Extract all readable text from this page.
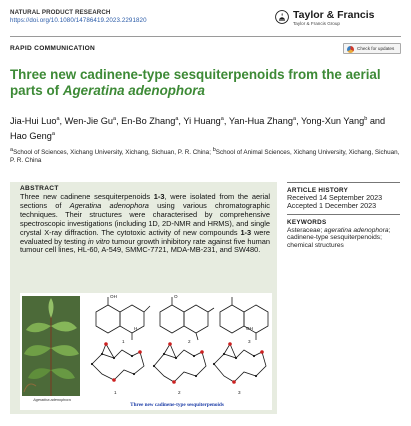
NATURAL PRODUCT RESEARCH
https://doi.org/10.1080/14786419.2023.2291820	Taylor & Francis
Taylor & Francis Group
RAPID COMMUNICATION	Check for updates
Three new cadinene-type sesquiterpenoids from the aerial parts of Ageratina adenophora
Jia-Hui Luo$^a$, Wen-Jie Gu$^a$, En-Bo Zhang$^a$, Yi Huang$^a$, Yan-Hua Zhang$^a$, Yong-Xun Yang$^b$ and Hao Geng$^a$
$^a$School of Sciences, Xichang University, Xichang, Sichuan, P. R. China; $^b$School of Animal Sciences, Xichang University, Xichang, Sichuan, P. R. China
ABSTRACT
Three new cadinene sesquiterpenoids 1-3, were isolated from the aerial sections of Ageratina adenophora using various chromatographic techniques. Their structures were characterised by comprehensive spectroscopic investigations (including 1D, 2D-NMR and HRMS), and single crystal X-ray diffraction. The cytotoxic activity of new compounds 1-3 were evaluated by testing in vitro tumour growth inhibitory rate against five human tumour cell lines, HL-60, A-549, SMMC-7721, MDA-MB-231, and SW480.
Ageratina adenophora
1	2	3
H
OH	O
OH
1	2	3
Three new cadinene-type sesquiterpenoids
ARTICLE HISTORY
Received 14 September 2023
Accepted 1 December 2023
KEYWORDS
Asteraceae; ageratina adenophora; cadinene-type sesquiterpenoids; chemical structures
